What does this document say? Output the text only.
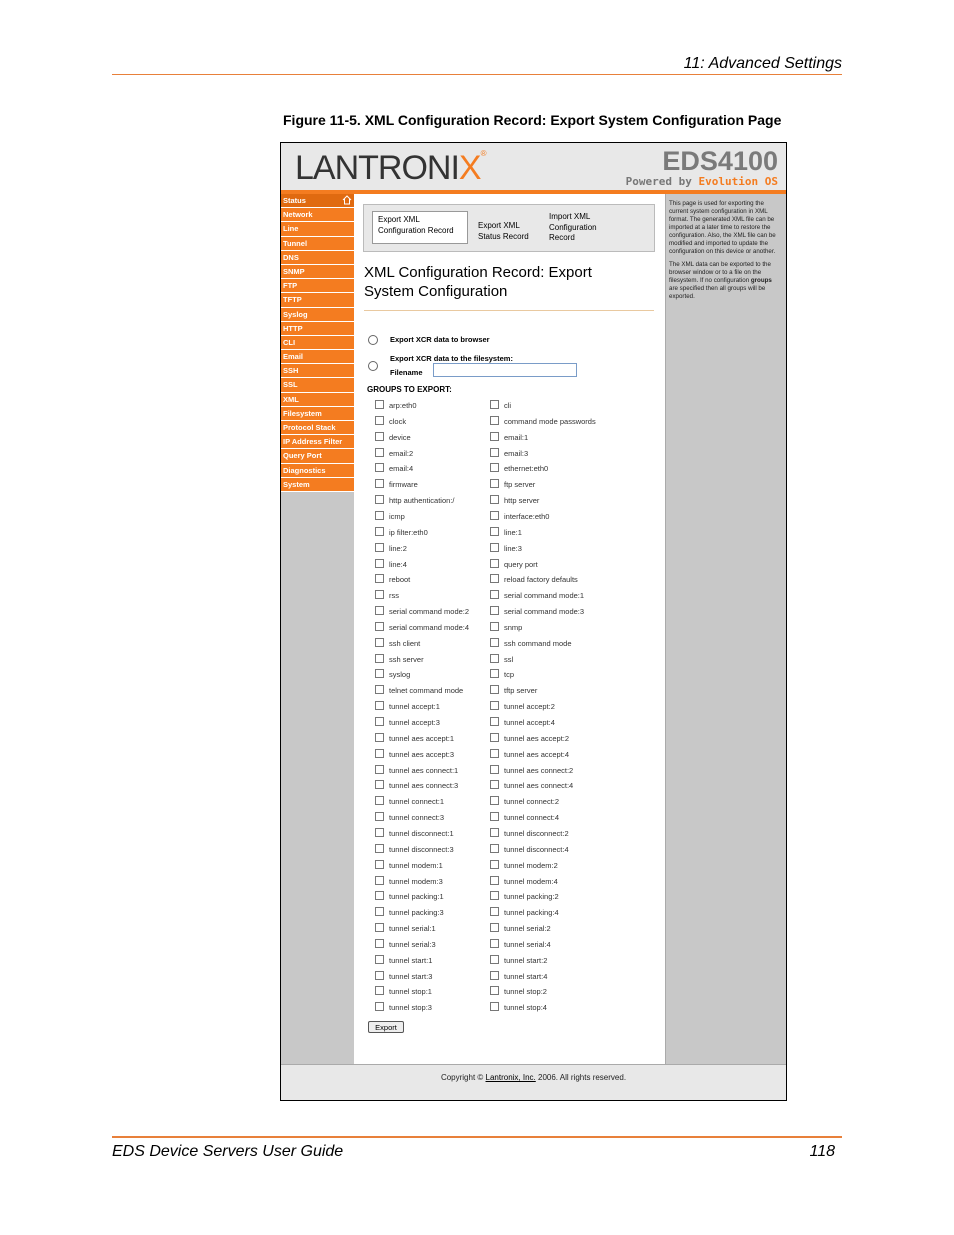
11: Advanced Settings
Figure 11-5. XML Configuration Record: Export System Configuration Page
LANTRONIX®	EDS4100
Powered by Evolution OS
Status
Network
Line
Tunnel
DNS
SNMP
FTP
TFTP
Syslog
HTTP
CLI
Email
SSH
SSL
XML
Filesystem
Protocol Stack
IP Address Filter
Query Port
Diagnostics
System
Export XML Configuration Record	Export XML Status Record
Import XML Configuration Record
XML Configuration Record: Export
System Configuration
Export XCR data to browser
Export XCR data to the filesystem:
Filename
GROUPS TO EXPORT:
arp:eth0	cli
clock	command mode passwords
device	email:1
email:2	email:3
email:4	ethernet:eth0
firmware	ftp server
http authentication:/	http server
icmp	interface:eth0
ip filter:eth0	line:1
line:2	line:3
line:4	query port
reboot	reload factory defaults
rss	serial command mode:1
serial command mode:2	serial command mode:3
serial command mode:4	snmp
ssh client	ssh command mode
ssh server	ssl
syslog	tcp
telnet command mode	tftp server
tunnel accept:1	tunnel accept:2
tunnel accept:3	tunnel accept:4
tunnel aes accept:1	tunnel aes accept:2
tunnel aes accept:3	tunnel aes accept:4
tunnel aes connect:1	tunnel aes connect:2
tunnel aes connect:3	tunnel aes connect:4
tunnel connect:1	tunnel connect:2
tunnel connect:3	tunnel connect:4
tunnel disconnect:1	tunnel disconnect:2
tunnel disconnect:3	tunnel disconnect:4
tunnel modem:1	tunnel modem:2
tunnel modem:3	tunnel modem:4
tunnel packing:1	tunnel packing:2
tunnel packing:3	tunnel packing:4
tunnel serial:1	tunnel serial:2
tunnel serial:3	tunnel serial:4
tunnel start:1	tunnel start:2
tunnel start:3	tunnel start:4
tunnel stop:1	tunnel stop:2
tunnel stop:3	tunnel stop:4
Export

This page is used for exporting the current system configuration in XML format. The generated XML file can be imported at a later time to restore the configuration. Also, the XML file can be modified and imported to update the configuration on this device or another.

The XML data can be exported to the browser window or to a file on the filesystem. If no configuration groups are specified then all groups will be exported.

Copyright © Lantronix, Inc. 2006. All rights reserved.
EDS Device Servers User Guide	118
